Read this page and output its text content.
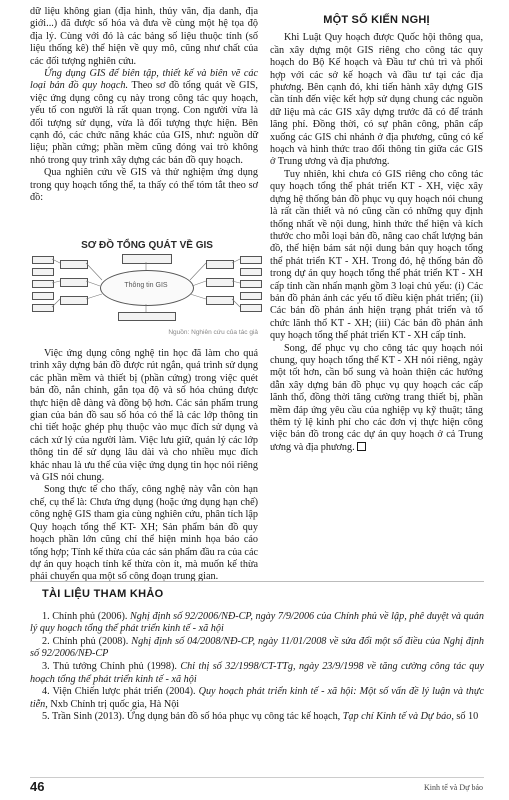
dữ liệu không gian (địa hình, thủy văn, địa danh, địa giới...) đã được số hóa và đưa về cùng một hệ tọa độ địa lý. Cùng với đó là các bảng số liệu thuộc tính (số liệu thống kê) thể hiện về quy mô, cũng như chất của các đối tượng nghiên cứu.

Ứng dụng GIS để biên tập, thiết kế và biên vẽ các loại bản đồ quy hoạch. Theo sơ đồ tổng quát về GIS, việc ứng dụng công cụ này trong công tác quy hoạch, yếu tố con người là rất quan trọng. Con người vừa là đối tượng sử dụng, vừa là đối tượng thực hiện. Bên cạnh đó, các chức năng khác của GIS, như: nguồn dữ liệu; phần cứng; phần mềm cũng đóng vai trò không nhỏ trong quy trình xây dựng các bản đồ quy hoạch.

Qua nghiên cứu về GIS và thử nghiệm ứng dụng trong quy hoạch tổng thể, ta thấy có thể tóm tắt theo sơ đồ:

SƠ ĐỒ TỔNG QUÁT VỀ GIS
Thông tin GIS
Nguồn: Nghiên cứu của tác giả

Việc ứng dụng công nghệ tin học đã làm cho quá trình xây dựng bản đồ được rút ngắn, quá trình sử dụng các phần mềm và thiết bị (phần cứng) trong việc quét bản đồ, nắn chỉnh, gắn tọa độ và số hóa chúng được thực hiện dễ dàng và đồng bộ hơn. Các sản phẩm trung gian của bản đồ sau số hóa có thể là các lớp thông tin chi tiết hoặc ghép phụ thuộc vào mục đích sử dụng và cách xử lý của người làm. Việc lưu giữ, quản lý các lớp thông tin để sử dụng lâu dài và cho nhiều mục đích khác nhau là ưu thế của việc ứng dụng tin học nói riêng và GIS nói chung.

Song thực tế cho thấy, công nghệ này vẫn còn hạn chế, cụ thể là: Chưa ứng dụng (hoặc ứng dụng hạn chế) công nghệ GIS tham gia cùng nghiên cứu, phân tích lập Quy hoạch tổng thể KT- XH; Sản phẩm bản đồ quy hoạch phần lớn cũng chỉ thể hiện minh họa báo cáo tổng hợp; Tính kế thừa của các sản phẩm đầu ra của các dự án quy hoạch tính kế thừa còn ít, mà muốn kế thừa phải chuyển qua một số công đoạn trung gian.

MỘT SỐ KIẾN NGHỊ

Khi Luật Quy hoạch được Quốc hội thông qua, cần xây dựng một GIS riêng cho công tác quy hoạch do Bộ Kế hoạch và Đầu tư chủ trì và phối hợp với các sở kế hoạch và đầu tư tại các địa phương. Bên cạnh đó, khi tiến hành xây dựng GIS cần tính đến việc kết hợp sử dụng chung các nguồn dữ liệu mà các GIS xây dựng trước đã có để tránh lãng phí. Đồng thời, có sự phân công, phân cấp xuống các GIS chi nhánh ở địa phương, cũng có kế hoạch và hình thức trao đổi thông tin giữa các GIS ở Trung ương và địa phương.

Tuy nhiên, khi chưa có GIS riêng cho công tác quy hoạch tổng thể phát triển KT - XH, việc xây dựng hệ thống bản đồ phục vụ quy hoạch nói chung là rất cần thiết và nó cũng cần có những quy định thống nhất về nội dung, hình thức thể hiện và kích thước cho mỗi loại bản đồ, nâng cao chất lượng bản đồ, thể hiện bám sát nội dung bản quy hoạch tổng thể phát triển KT - XH. Trong đó, hệ thống bản đồ trong dự án quy hoạch tổng thể phát triển KT - XH cấp tỉnh cần nhấn mạnh gồm 3 loại chủ yếu: (i) Các bản đồ phản ánh các yếu tố điều kiện phát triển; (ii) Các bản đồ phản ánh hiện trạng phát triển và tổ chức lãnh thổ KT - XH; (iii) Các bản đồ phản ánh quy hoạch tổng thể phát triển KT - XH cấp tỉnh.

Song, để phục vụ cho công tác quy hoạch nói chung, quy hoạch tổng thể KT - XH nói riêng, ngày một tốt hơn, cần bổ sung và hoàn thiện các hướng dẫn xây dựng bản đồ phục vụ quy hoạch các cấp lãnh thổ, đồng thời tăng cường trang thiết bị, phần mềm đáp ứng yêu cầu của nghiệp vụ kỹ thuật; tăng thêm tỷ lệ kinh phí cho các đơn vị thực hiện công việc bản đồ trong các dự án quy hoạch ở cả Trung ương và địa phương.

TÀI LIỆU THAM KHẢO

1. Chính phủ (2006). Nghị định số 92/2006/NĐ-CP, ngày 7/9/2006 của Chính phủ về lập, phê duyệt và quản lý quy hoạch tổng thể phát triển kinh tế - xã hội

2. Chính phủ (2008). Nghị định số 04/2008/NĐ-CP, ngày 11/01/2008 về sửa đổi một số điều của Nghị định số 92/2006/NĐ-CP

3. Thủ tướng Chính phủ (1998). Chỉ thị số 32/1998/CT-TTg, ngày 23/9/1998 về tăng cường công tác quy hoạch tổng thể phát triển kinh tế - xã hội

4. Viện Chiến lược phát triển (2004). Quy hoạch phát triển kinh tế - xã hội: Một số vấn đề lý luận và thực tiễn, Nxb Chính trị quốc gia, Hà Nội

5. Trần Sinh (2013). Ứng dụng bản đồ số hóa phục vụ công tác kế hoạch, Tạp chí Kinh tế và Dự báo, số 10

46	Kinh tế và Dự báo
